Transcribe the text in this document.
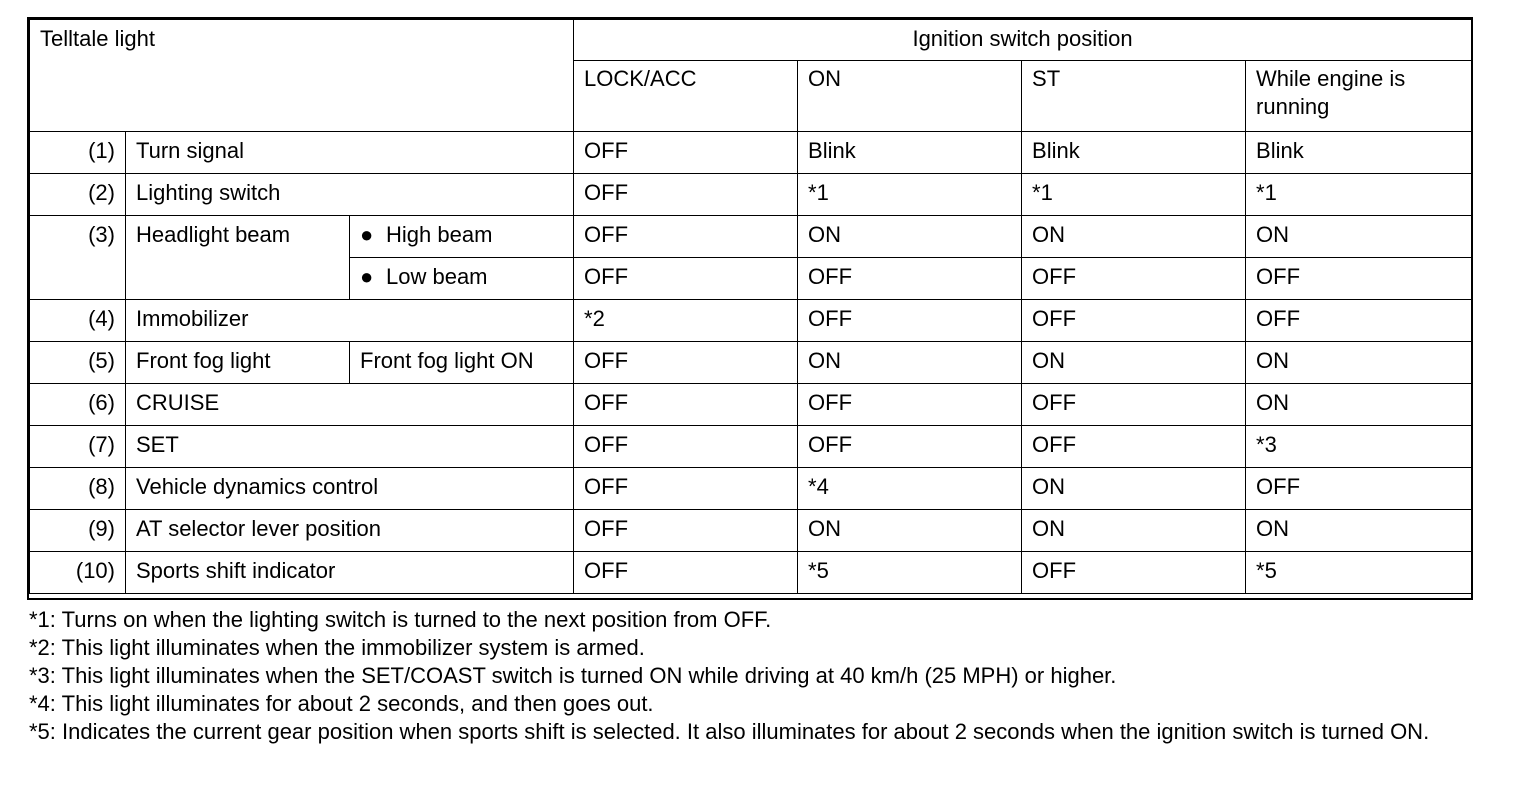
Telltale light			Ignition switch position			
			LOCK/ACC	ON	ST	While engine is running
(1)	Turn signal		OFF	Blink	Blink	Blink
(2)	Lighting switch		OFF	*1	*1	*1
(3)	Headlight beam	● High beam	OFF	ON	ON	ON
		● Low beam	OFF	OFF	OFF	OFF
(4)	Immobilizer		*2	OFF	OFF	OFF
(5)	Front fog light	Front fog light ON	OFF	ON	ON	ON
(6)	CRUISE		OFF	OFF	OFF	ON
(7)	SET		OFF	OFF	OFF	*3
(8)	Vehicle dynamics control		OFF	*4	ON	OFF
(9)	AT selector lever position		OFF	ON	ON	ON
(10)	Sports shift indicator		OFF	*5	OFF	*5
*1: Turns on when the lighting switch is turned to the next position from OFF.
*2: This light illuminates when the immobilizer system is armed.
*3: This light illuminates when the SET/COAST switch is turned ON while driving at 40 km/h (25 MPH) or higher.
*4: This light illuminates for about 2 seconds, and then goes out.
*5: Indicates the current gear position when sports shift is selected. It also illuminates for about 2 seconds when the ignition switch is turned ON.
